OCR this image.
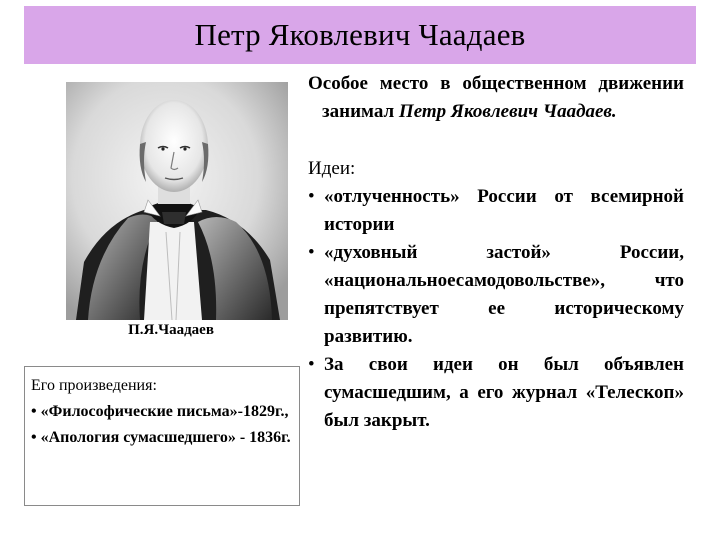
Петр Яковлевич Чаадаев
П.Я.Чаадаев
Его произведения:
• «Философические письма»-1829г.,
• «Апология сумасшедшего» - 1836г.
Особое место в общественном движении занимал Петр Яковлевич Чаадаев.
Идеи:
• «отлученность» России от всемирной истории
• «духовный застой» России, «национальноесамодовольстве», что препятствует ее историческому развитию.
• За свои идеи он был объявлен сумасшедшим, а его журнал «Телескоп» был закрыт.
